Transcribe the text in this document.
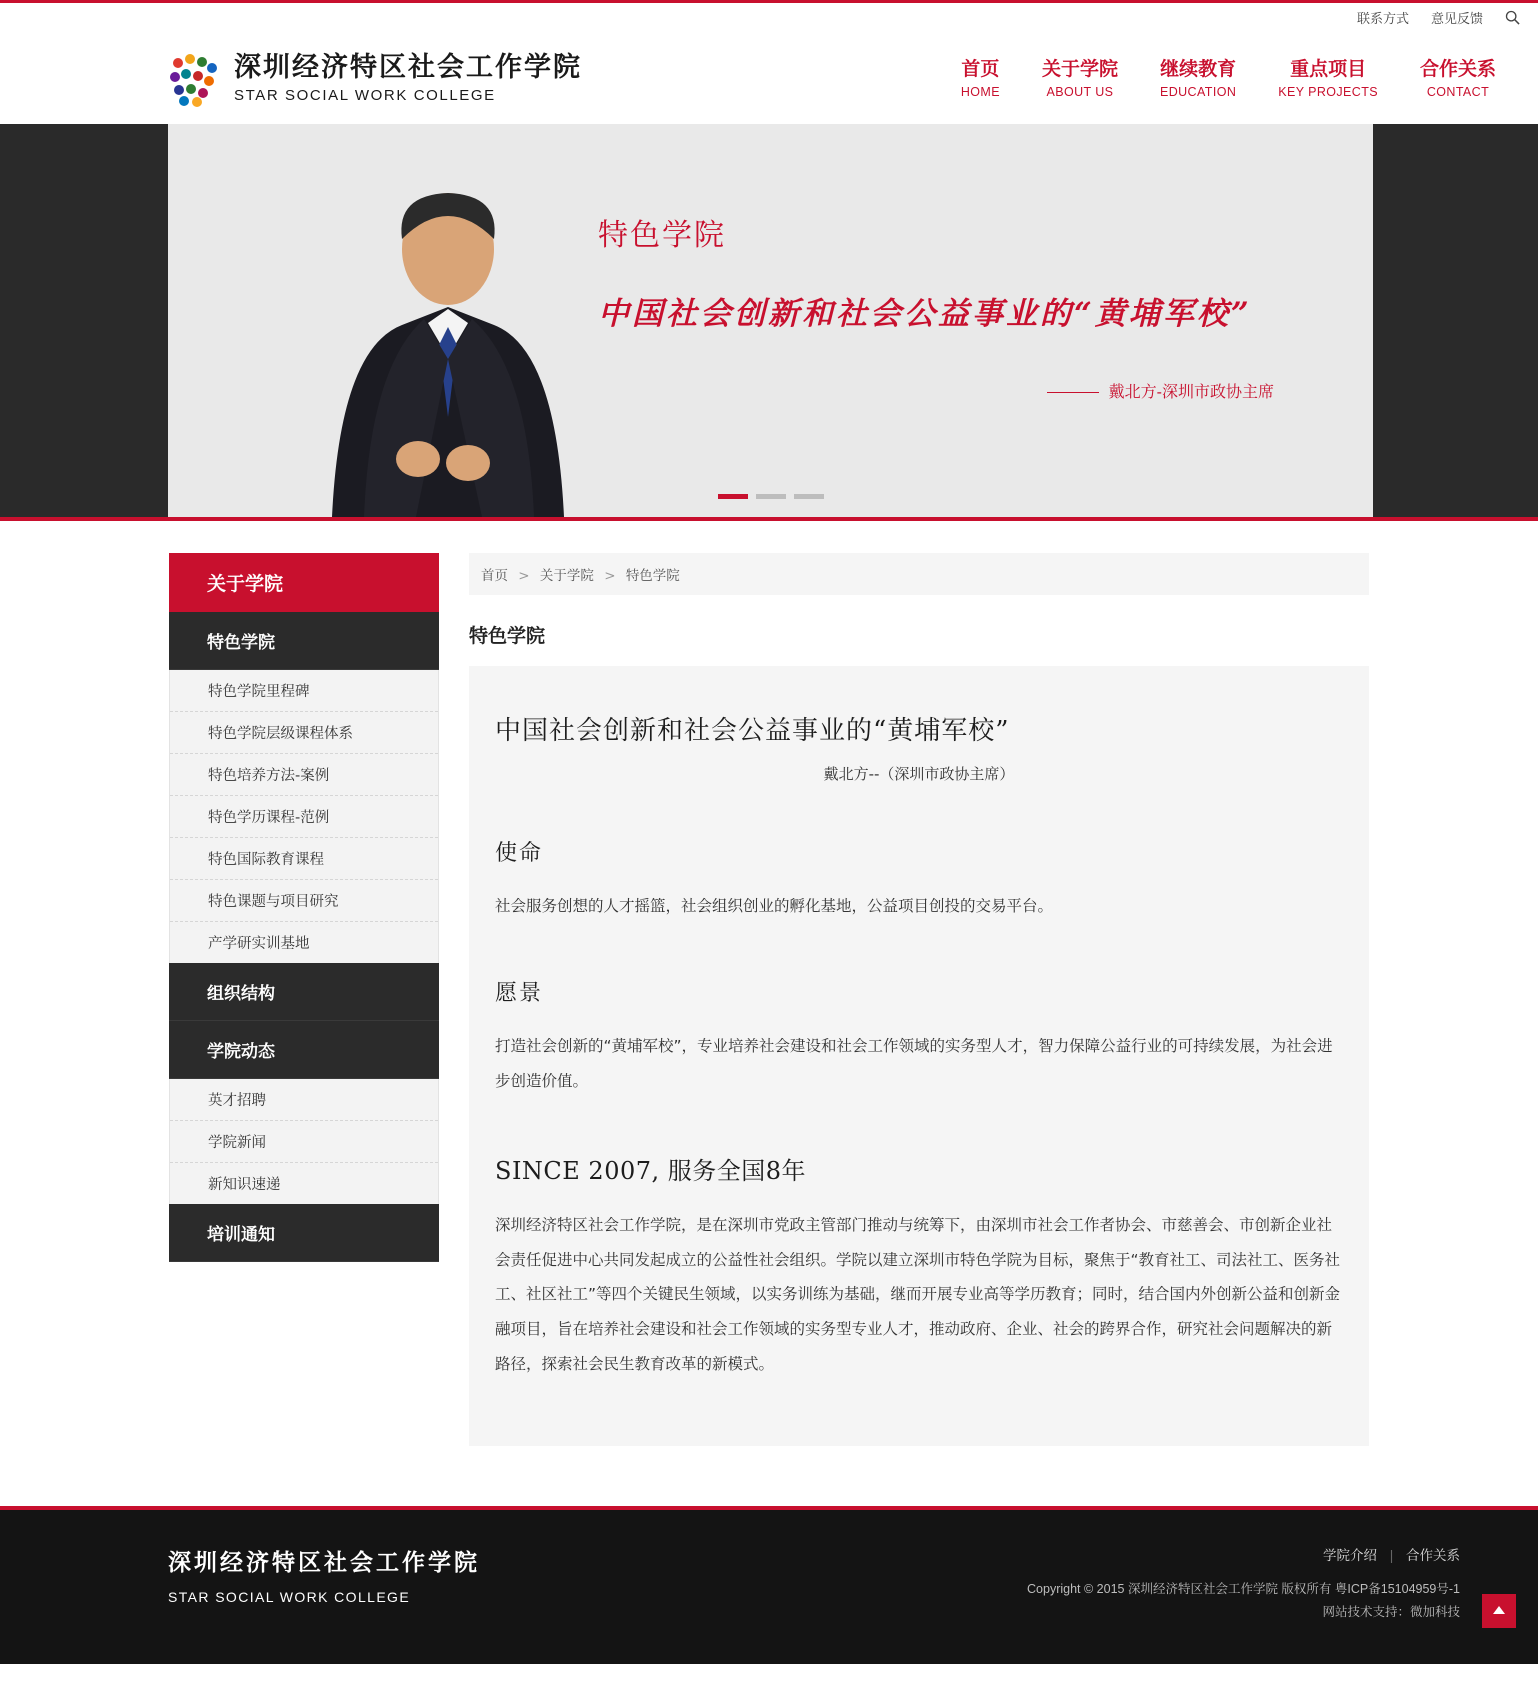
联系方式 意见反馈
深圳经济特区社会工作学院
STAR SOCIAL WORK COLLEGE
首页
HOME
关于学院
ABOUT US
继续教育
EDUCATION
重点项目
KEY PROJECTS
合作关系
CONTACT
特色学院
中国社会创新和社会公益事业的“黄埔军校”
戴北方-深圳市政协主席
关于学院
特色学院
特色学院里程碑
特色学院层级课程体系
特色培养方法-案例
特色学历课程-范例
特色国际教育课程
特色课题与项目研究
产学研实训基地
组织结构
学院动态
英才招聘
学院新闻
新知识速递
培训通知
首页 > 关于学院 > 特色学院
特色学院
中国社会创新和社会公益事业的“黄埔军校”
戴北方--（深圳市政协主席）
使命

社会服务创想的人才摇篮，社会组织创业的孵化基地，公益项目创投的交易平台。

愿景

打造社会创新的“黄埔军校”，专业培养社会建设和社会工作领域的实务型人才，智力保障公益行业的可持续发展，为社会进步创造价值。

SINCE 2007, 服务全国8年

深圳经济特区社会工作学院，是在深圳市党政主管部门推动与统筹下，由深圳市社会工作者协会、市慈善会、市创新企业社会责任促进中心共同发起成立的公益性社会组织。学院以建立深圳市特色学院为目标，聚焦于“教育社工、司法社工、医务社工、社区社工”等四个关键民生领域，以实务训练为基础，继而开展专业高等学历教育；同时，结合国内外创新公益和创新金融项目，旨在培养社会建设和社会工作领域的实务型专业人才，推动政府、企业、社会的跨界合作，研究社会问题解决的新路径，探索社会民生教育改革的新模式。

深圳经济特区社会工作学院
STAR SOCIAL WORK COLLEGE
学院介绍 | 合作关系
Copyright © 2015 深圳经济特区社会工作学院 版权所有 粤ICP备15104959号-1
网站技术支持：微加科技
